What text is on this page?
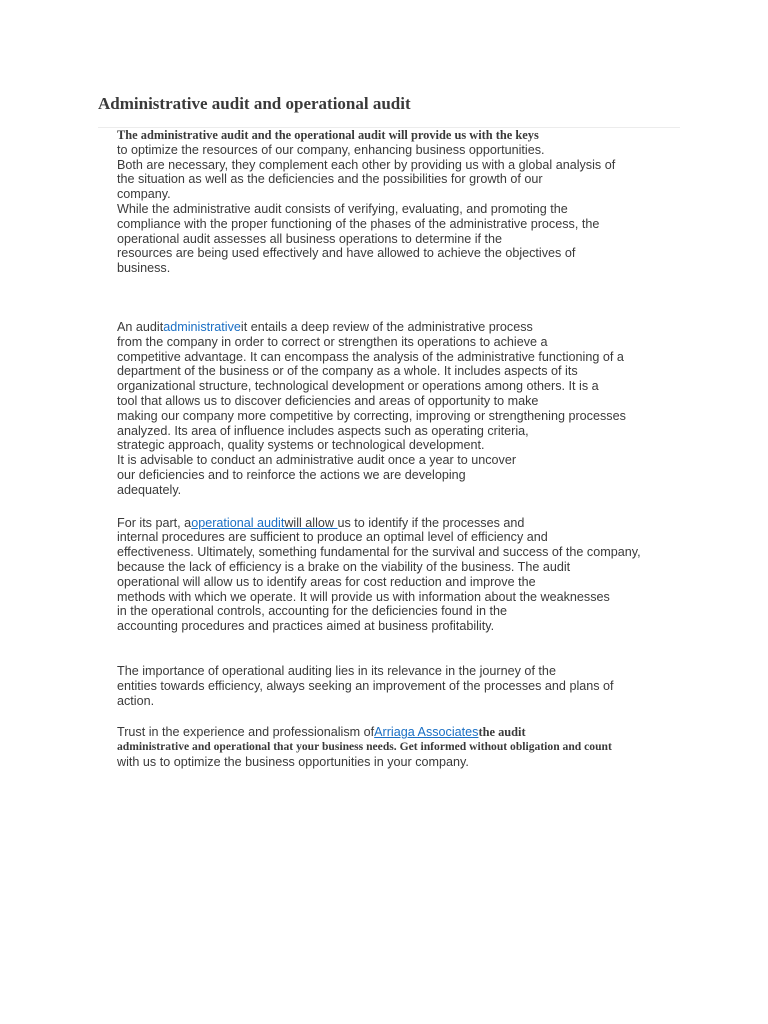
Administrative audit and operational audit
The administrative audit and the operational audit will provide us with the keys
to optimize the resources of our company, enhancing business opportunities.
Both are necessary, they complement each other by providing us with a global analysis of
the situation as well as the deficiencies and the possibilities for growth of our
company.
While the administrative audit consists of verifying, evaluating, and promoting the
compliance with the proper functioning of the phases of the administrative process, the
operational audit assesses all business operations to determine if the
resources are being used effectively and have allowed to achieve the objectives of
business.
An auditadministrativeit entails a deep review of the administrative process
from the company in order to correct or strengthen its operations to achieve a
competitive advantage. It can encompass the analysis of the administrative functioning of a
department of the business or of the company as a whole. It includes aspects of its
organizational structure, technological development or operations among others. It is a
tool that allows us to discover deficiencies and areas of opportunity to make
making our company more competitive by correcting, improving or strengthening processes
analyzed. Its area of influence includes aspects such as operating criteria,
strategic approach, quality systems or technological development.
It is advisable to conduct an administrative audit once a year to uncover
our deficiencies and to reinforce the actions we are developing
adequately.
For its part, aoperational auditwill allow us to identify if the processes and
internal procedures are sufficient to produce an optimal level of efficiency and
effectiveness. Ultimately, something fundamental for the survival and success of the company,
because the lack of efficiency is a brake on the viability of the business. The audit
operational will allow us to identify areas for cost reduction and improve the
methods with which we operate. It will provide us with information about the weaknesses
in the operational controls, accounting for the deficiencies found in the
accounting procedures and practices aimed at business profitability.
The importance of operational auditing lies in its relevance in the journey of the
entities towards efficiency, always seeking an improvement of the processes and plans of
action.
Trust in the experience and professionalism ofArriaga Associatesthe audit
administrative and operational that your business needs. Get informed without obligation and count
with us to optimize the business opportunities in your company.
